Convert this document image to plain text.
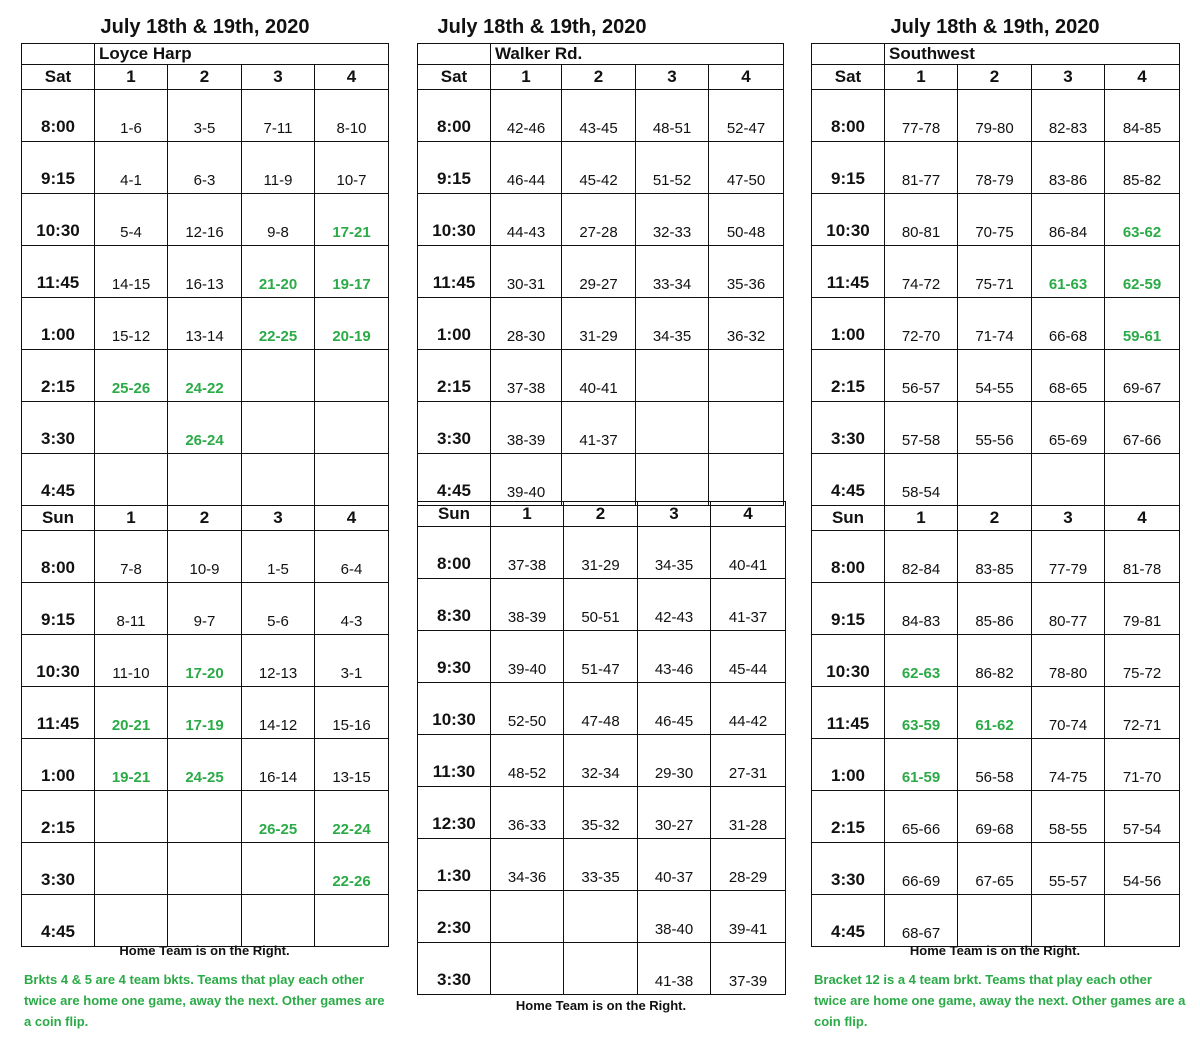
July 18th & 19th, 2020
	Loyce Harp			
Sat	1	2	3	4
8:00	1-6	3-5	7-11	8-10
9:15	4-1	6-3	11-9	10-7
10:30	5-4	12-16	9-8	17-21
11:45	14-15	16-13	21-20	19-17
1:00	15-12	13-14	22-25	20-19
2:15	25-26	24-22		
3:30		26-24		
4:45				
Sun	1	2	3	4
8:00	7-8	10-9	1-5	6-4
9:15	8-11	9-7	5-6	4-3
10:30	11-10	17-20	12-13	3-1
11:45	20-21	17-19	14-12	15-16
1:00	19-21	24-25	16-14	13-15
2:15			26-25	22-24
3:30				22-26
4:45				
Home Team is on the Right.
Brkts 4 & 5 are 4 team bkts. Teams that play each other twice are home one game, away the next. Other games are a coin flip.
July 18th & 19th, 2020
	Walker Rd.			
Sat	1	2	3	4
8:00	42-46	43-45	48-51	52-47
9:15	46-44	45-42	51-52	47-50
10:30	44-43	27-28	32-33	50-48
11:45	30-31	29-27	33-34	35-36
1:00	28-30	31-29	34-35	36-32
2:15	37-38	40-41		
3:30	38-39	41-37		
4:45	39-40			
Sun	1	2	3	4
8:00	37-38	31-29	34-35	40-41
8:30	38-39	50-51	42-43	41-37
9:30	39-40	51-47	43-46	45-44
10:30	52-50	47-48	46-45	44-42
11:30	48-52	32-34	29-30	27-31
12:30	36-33	35-32	30-27	31-28
1:30	34-36	33-35	40-37	28-29
2:30			38-40	39-41
3:30			41-38	37-39
Home Team is on the Right.
July 18th & 19th, 2020
	Southwest			
Sat	1	2	3	4
8:00	77-78	79-80	82-83	84-85
9:15	81-77	78-79	83-86	85-82
10:30	80-81	70-75	86-84	63-62
11:45	74-72	75-71	61-63	62-59
1:00	72-70	71-74	66-68	59-61
2:15	56-57	54-55	68-65	69-67
3:30	57-58	55-56	65-69	67-66
4:45	58-54			
Sun	1	2	3	4
8:00	82-84	83-85	77-79	81-78
9:15	84-83	85-86	80-77	79-81
10:30	62-63	86-82	78-80	75-72
11:45	63-59	61-62	70-74	72-71
1:00	61-59	56-58	74-75	71-70
2:15	65-66	69-68	58-55	57-54
3:30	66-69	67-65	55-57	54-56
4:45	68-67			
Home Team is on the Right.
Bracket 12 is a 4 team brkt. Teams that play each other twice are home one game, away the next. Other games are a coin flip.
